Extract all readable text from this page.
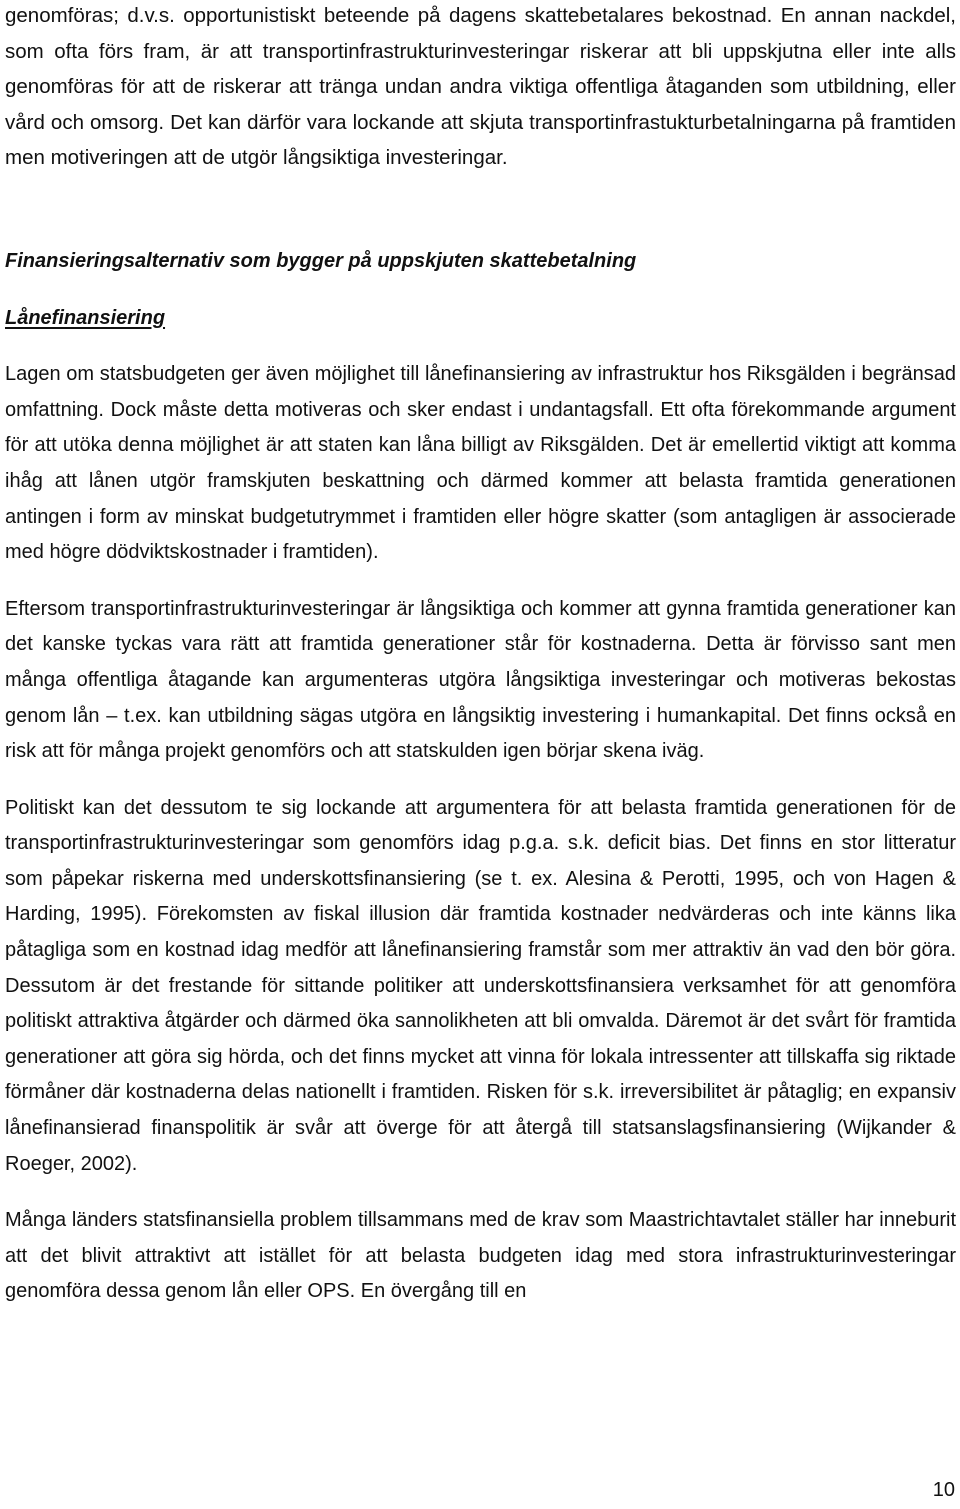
genomföras; d.v.s. opportunistiskt beteende på dagens skattebetalares bekostnad. En annan nackdel, som ofta förs fram, är att transportinfrastrukturinvesteringar riskerar att bli uppskjutna eller inte alls genomföras för att de riskerar att tränga undan andra viktiga offentliga åtaganden som utbildning, eller vård och omsorg. Det kan därför vara lockande att skjuta transportinfrastukturbetalningarna på framtiden men motiveringen att de utgör långsiktiga investeringar.

Finansieringsalternativ som bygger på uppskjuten skattebetalning
Lånefinansiering

Lagen om statsbudgeten ger även möjlighet till lånefinansiering av infrastruktur hos Riksgälden i begränsad omfattning. Dock måste detta motiveras och sker endast i undantagsfall. Ett ofta förekommande argument för att utöka denna möjlighet är att staten kan låna billigt av Riksgälden. Det är emellertid viktigt att komma ihåg att lånen utgör framskjuten beskattning och därmed kommer att belasta framtida generationen antingen i form av minskat budgetutrymmet i framtiden eller högre skatter (som antagligen är associerade med högre dödviktskostnader i framtiden).

Eftersom transportinfrastrukturinvesteringar är långsiktiga och kommer att gynna framtida generationer kan det kanske tyckas vara rätt att framtida generationer står för kostnaderna. Detta är förvisso sant men många offentliga åtagande kan argumenteras utgöra långsiktiga investeringar och motiveras bekostas genom lån – t.ex. kan utbildning sägas utgöra en långsiktig investering i humankapital. Det finns också en risk att för många projekt genomförs och att statskulden igen börjar skena iväg.

Politiskt kan det dessutom te sig lockande att argumentera för att belasta framtida generationen för de transportinfrastrukturinvesteringar som genomförs idag p.g.a. s.k. deficit bias. Det finns en stor litteratur som påpekar riskerna med underskottsfinansiering (se t. ex. Alesina & Perotti, 1995, och von Hagen & Harding, 1995). Förekomsten av fiskal illusion där framtida kostnader nedvärderas och inte känns lika påtagliga som en kostnad idag medför att lånefinansiering framstår som mer attraktiv än vad den bör göra. Dessutom är det frestande för sittande politiker att underskottsfinansiera verksamhet för att genomföra politiskt attraktiva åtgärder och därmed öka sannolikheten att bli omvalda. Däremot är det svårt för framtida generationer att göra sig hörda, och det finns mycket att vinna för lokala intressenter att tillskaffa sig riktade förmåner där kostnaderna delas nationellt i framtiden. Risken för s.k. irreversibilitet är påtaglig; en expansiv lånefinansierad finanspolitik är svår att överge för att återgå till statsanslagsfinansiering (Wijkander & Roeger, 2002).

Många länders statsfinansiella problem tillsammans med de krav som Maastrichtavtalet ställer har inneburit att det blivit attraktivt att istället för att belasta budgeten idag med stora infrastrukturinvesteringar genomföra dessa genom lån eller OPS. En övergång till en

10
